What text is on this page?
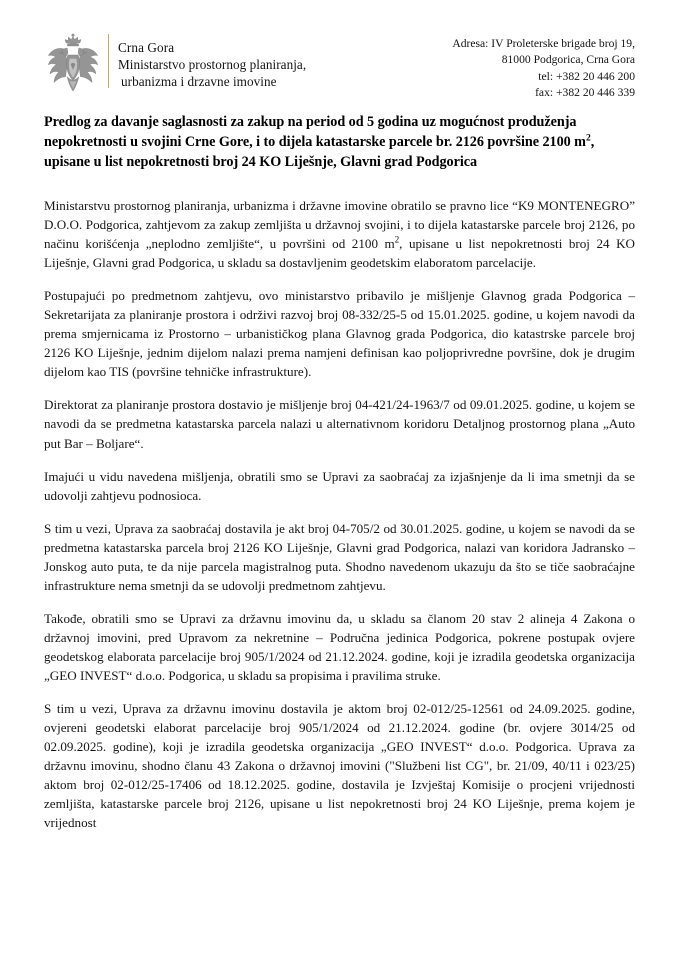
Crna Gora
Ministarstvo prostornog planiranja,
urbanizma i drzavne imovine
Adresa: IV Proleterske brigade broj 19,
81000 Podgorica, Crna Gora
tel: +382 20 446 200
fax: +382 20 446 339
Predlog za davanje saglasnosti za zakup na period od 5 godina uz mogućnost produženja nepokretnosti u svojini Crne Gore, i to dijela katastarske parcele br. 2126 površine 2100 $m^2$, upisane u list nepokretnosti broj 24 KO Liješnje, Glavni grad Podgorica

Ministarstvu prostornog planiranja, urbanizma i državne imovine obratilo se pravno lice “K9 MONTENEGRO” D.O.O. Podgorica, zahtjevom za zakup zemljišta u državnoj svojini, i to dijela katastarske parcele broj 2126, po načinu korišćenja „neplodno zemljište“, u površini od 2100 $m^2$, upisane u list nepokretnosti broj 24 KO Liješnje, Glavni grad Podgorica, u skladu sa dostavljenim geodetskim elaboratom parcelacije.

Postupajući po predmetnom zahtjevu, ovo ministarstvo pribavilo je mišljenje Glavnog grada Podgorica – Sekretarijata za planiranje prostora i održivi razvoj broj 08-332/25-5 od 15.01.2025. godine, u kojem navodi da prema smjernicama iz Prostorno – urbanističkog plana Glavnog grada Podgorica, dio katastrske parcele broj 2126 KO Liješnje, jednim dijelom nalazi prema namjeni definisan kao poljoprivredne površine, dok je drugim dijelom kao TIS (površine tehničke infrastrukture).

Direktorat za planiranje prostora dostavio je mišljenje broj 04-421/24-1963/7 od 09.01.2025. godine, u kojem se navodi da se predmetna katastarska parcela nalazi u alternativnom koridoru Detaljnog prostornog plana „Auto put Bar – Boljare“.

Imajući u vidu navedena mišljenja, obratili smo se Upravi za saobraćaj za izjašnjenje da li ima smetnji da se udovolji zahtjevu podnosioca.

S tim u vezi, Uprava za saobraćaj dostavila je akt broj 04-705/2 od 30.01.2025. godine, u kojem se navodi da se predmetna katastarska parcela broj 2126 KO Liješnje, Glavni grad Podgorica, nalazi van koridora Jadransko – Jonskog auto puta, te da nije parcela magistralnog puta. Shodno navedenom ukazuju da što se tiče saobraćajne infrastrukture nema smetnji da se udovolji predmetnom zahtjevu.

Takođe, obratili smo se Upravi za državnu imovinu da, u skladu sa članom 20 stav 2 alineja 4 Zakona o državnoj imovini, pred Upravom za nekretnine – Područna jedinica Podgorica, pokrene postupak ovjere geodetskog elaborata parcelacije broj 905/1/2024 od 21.12.2024. godine, koji je izradila geodetska organizacija „GEO INVEST“ d.o.o. Podgorica, u skladu sa propisima i pravilima struke.

S tim u vezi, Uprava za državnu imovinu dostavila je aktom broj 02-012/25-12561 od 24.09.2025. godine, ovjereni geodetski elaborat parcelacije broj 905/1/2024 od 21.12.2024. godine (br. ovjere 3014/25 od 02.09.2025. godine), koji je izradila geodetska organizacija „GEO INVEST“ d.o.o. Podgorica. Uprava za državnu imovinu, shodno članu 43 Zakona o državnoj imovini ("Službeni list CG", br. 21/09, 40/11 i 023/25) aktom broj 02-012/25-17406 od 18.12.2025. godine, dostavila je Izvještaj Komisije o procjeni vrijednosti zemljišta, katastarske parcele broj 2126, upisane u list nepokretnosti broj 24 KO Liješnje, prema kojem je vrijednost
